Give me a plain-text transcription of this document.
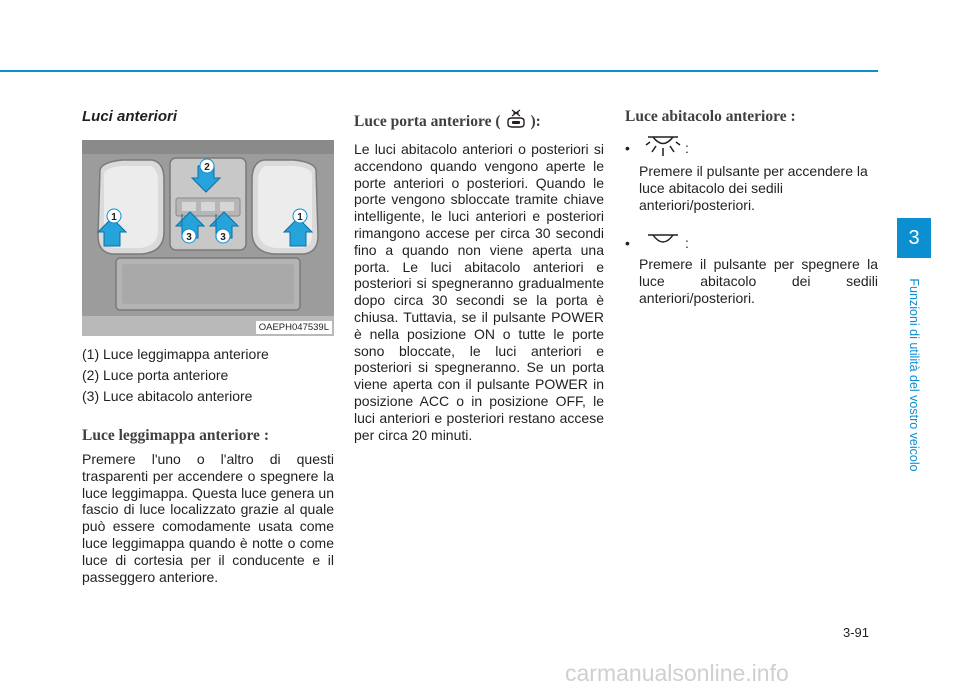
Luci anteriori
2
3	3
1	1
OAEPH047539L
(1) Luce leggimappa anteriore
(2) Luce porta anteriore
(3) Luce abitacolo anteriore
Luce leggimappa anteriore :

Premere l'uno o l'altro di questi trasparenti per accendere o spegnere la luce leggimappa. Questa luce genera un fascio di luce localizzato grazie al quale può essere comodamente usata come luce leggimappa quando è notte o come luce di cortesia per il conducente e il passeggero anteriore.

Luce porta anteriore ( ):

Le luci abitacolo anteriori o posteriori si accendono quando vengono aperte le porte anteriori o posteriori. Quando le porte vengono sbloccate tramite chiave intelligente, le luci anteriori e posteriori rimangono accese per circa 30 secondi fino a quando non viene aperta una porta. Le luci abitacolo anteriori e posteriori si spegneranno gradualmente dopo circa 30 secondi se la porta è chiusa. Tuttavia, se il pulsante POWER è nella posizione ON o tutte le porte sono bloccate, le luci anteriori e posteriori si spegneranno. Se un porta viene aperta con il pulsante POWER in posizione ACC o in posizione OFF, le luci anteriori e posteriori restano accese per circa 20 minuti.

Luce abitacolo anteriore :
•	:

Premere il pulsante per accendere la luce abitacolo dei sedili anteriori/posteriori.

•	:

Premere il pulsante per spegnere la luce abitacolo dei sedili anteriori/posteriori.

3
Funzioni di utilità del vostro veicolo
3-91
carmanualsonline.info
